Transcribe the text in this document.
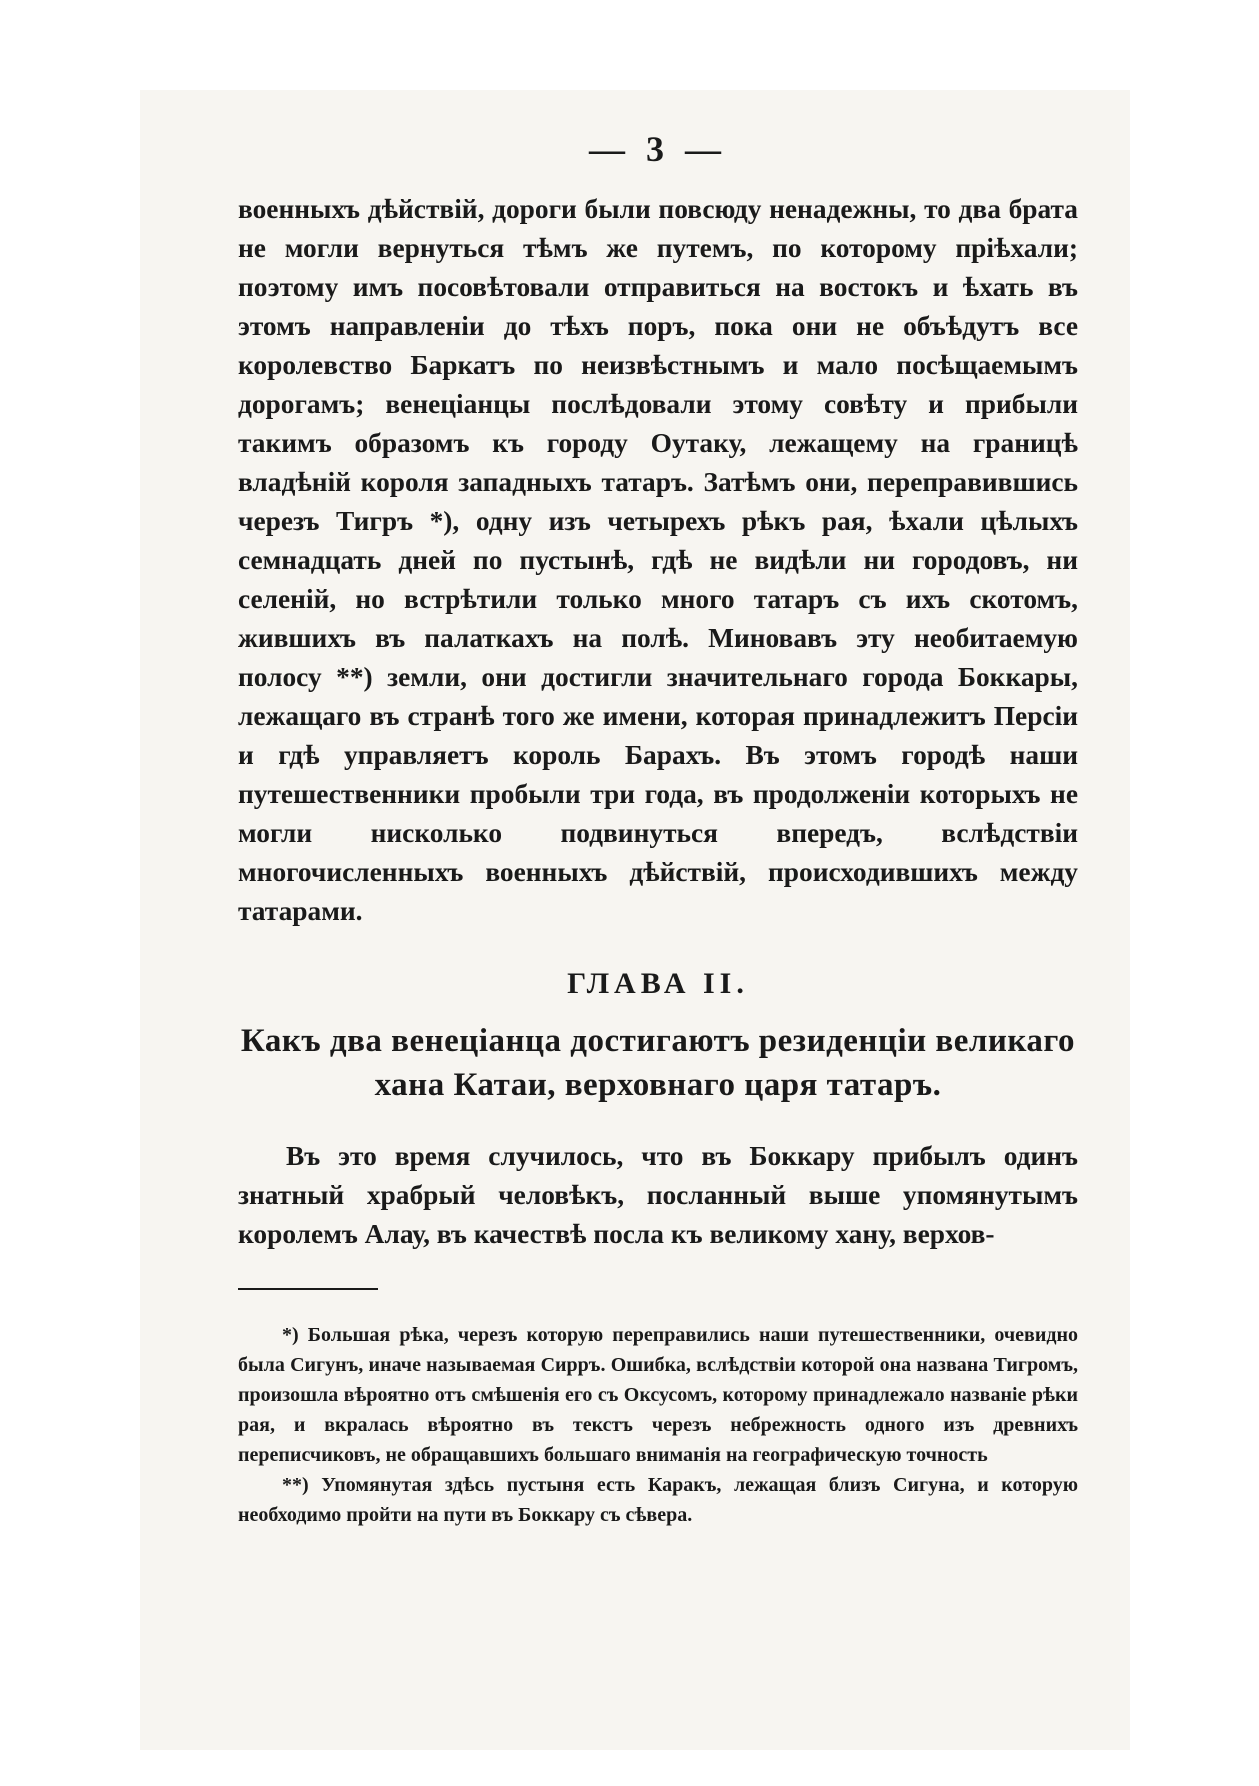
— 3 —

военныхъ дѣйствій, дороги были повсюду ненадежны, то два брата не могли вернуться тѣмъ же путемъ, по которому пріѣхали; поэтому имъ посовѣтовали отправиться на востокъ и ѣхать въ этомъ направленіи до тѣхъ поръ, пока они не объѣдутъ все королевство Баркатъ по неизвѣстнымъ и мало посѣщаемымъ дорогамъ; венеціанцы послѣдовали этому совѣту и прибыли такимъ образомъ къ городу Оутаку, лежащему на границѣ владѣній короля западныхъ татаръ. Затѣмъ они, переправившись черезъ Тигръ *), одну изъ четырехъ рѣкъ рая, ѣхали цѣлыхъ семнадцать дней по пустынѣ, гдѣ не видѣли ни городовъ, ни селеній, но встрѣтили только много татаръ съ ихъ скотомъ, жившихъ въ палаткахъ на полѣ. Миновавъ эту необитаемую полосу **) земли, они достигли значительнаго города Боккары, лежащаго въ странѣ того же имени, которая принадлежитъ Персіи и гдѣ управляетъ король Барахъ. Въ этомъ городѣ наши путешественники пробыли три года, въ продолженіи которыхъ не могли нисколько подвинуться впередъ, вслѣдствіи многочисленныхъ военныхъ дѣйствій, происходившихъ между татарами.

ГЛАВА II.
Какъ два венеціанца достигаютъ резиденціи великаго хана Катаи, верховнаго царя татаръ.

Въ это время случилось, что въ Боккару прибылъ одинъ знатный храбрый человѣкъ, посланный выше упомянутымъ королемъ Алау, въ качествѣ посла къ великому хану, верхов-

*) Большая рѣка, черезъ которую переправились наши путешественники, очевидно была Сигунъ, иначе называемая Сирръ. Ошибка, вслѣдствіи которой она названа Тигромъ, произошла вѣроятно отъ смѣшенія его съ Оксусомъ, которому принадлежало названіе рѣки рая, и вкралась вѣроятно въ текстъ черезъ небрежность одного изъ древнихъ переписчиковъ, не обращавшихъ большаго вниманія на географическую точность

**) Упомянутая здѣсь пустыня есть Каракъ, лежащая близъ Сигуна, и которую необходимо пройти на пути въ Боккару съ сѣвера.
